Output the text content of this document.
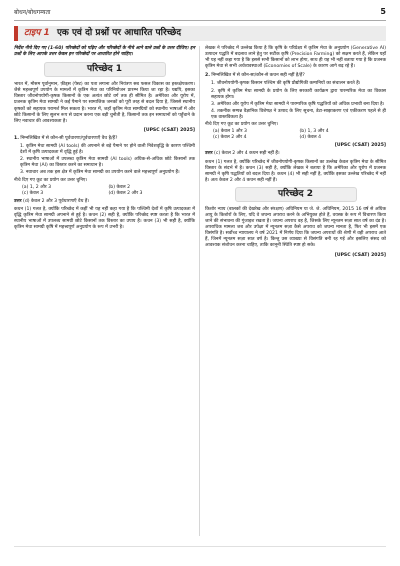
बोधन/बोधगम्यता	5
टाइप 1 एक एवं दो प्रश्नों पर आधारित परिच्छेद

निर्देश नीचे दिए गए (1-60) परिच्छेदों को पढ़िए और परिच्छेदों के नीचे आने वाले प्रश्नों के उत्तर दीजिए। इन प्रश्नों के लिए आपके उत्तर केवल इन परिच्छेदों पर आधारित होने चाहिए।

परिच्छेद 1

भारत में, मौसम पूर्वानुमान, फ़ीड्स (पेस्ट) का पता लगाना और नियंत्रण सब फसल विकास का हस्तक्षेपकरण। जैसे महत्त्वपूर्ण उपयोग के मामलों में कृत्रिम मेधा का परिनियोजन प्रारम्भ किया जा रहा है। यद्यपि, इसका विस्तार जीवनोपयोगी-कृषक किसानों के एक अत्यंत छोटे वर्ग तक ही सीमित है। अमेरिका और यूरोप में, प्रजनक कृत्रिम मेधा सामग्री ने कई पैमाने पर सामाजिक जनकों को पूरी तरह से बदल दिया है, जिससे स्थानीय कृषकों को सहायक परामर्श मिल सकता है। भारत में, जहाँ कृत्रिम मेधा सामग्रियों को स्थानीय भाषाओं में और छोटे किसानों के लिए सुलभ रूप से प्रदान करना एक बड़ी चुनौती है, किसानों तक इन समाधानों को पहुँचाने के लिए नवाचार की आवश्यकता है।

[UPSC (CSAT) 2025]
1. निम्नलिखित में से कौन-सी पूर्वधारणा/पूर्वधारणाएँ वैध है/हैं?
1. कृत्रिम मेधा सामग्री (AI tools) की अपनाने से बड़े पैमाने पर होने वाली निवेशवृद्धि के कारण पश्चिमी देशों में कृषि उत्पादकता में वृद्धि हुई है।
2. स्थानीय भाषाओं में उपलब्ध कृत्रिम मेधा सामग्री (AI tools) अधिक-से-अधिक छोटे किसानों तक कृत्रिम मेधा (AI) का विस्तार करने का समाधान है।
3. नवाचार अब तक इस क्षेत्र में कृत्रिम मेधा सामग्री का उपयोग करने वाले महत्त्वपूर्ण अनुप्रयोग हैं।
नीचे दिए गए कूट का प्रयोग कर उत्तर चुनिए।
(a) 1, 2 और 3	(b) केवल 2
(c) केवल 3	(d) केवल 2 और 3
उत्तर (d) केवल 2 और 3 पूर्वधारणाएँ वैध हैं।

कथन (1) गलत है, क्योंकि परिच्छेद में कहीं भी यह नहीं कहा गया है कि पश्चिमी देशों में कृषि उत्पादकता में वृद्धि कृत्रिम मेधा सामग्री अपनाने से हुई है। कथन (2) सही है, क्योंकि परिच्छेद स्पष्ट करता है कि भारत में स्थानीय भाषाओं में उपलब्ध सामग्री छोटे किसानों तक विस्तार का उपाय है। कथन (3) भी सही है, क्योंकि कृत्रिम मेधा सामग्री कृषि में महत्त्वपूर्ण अनुप्रयोग के रूप में उभरी है।

लेखक ने परिच्छेद में उल्लेख किया है कि कृषि के परिप्रेक्ष्य में कृत्रिम मेधा के अनुप्रयोग (Generative AI) उत्पादन पद्धति में बदलाव लाने हेतु पर सटीक कृषि (Precision Farming) को सक्षम करते हैं, लेकिन यहाँ भी यह नहीं कहा गया है कि इससे सभी किसानों को लाभ होगा, साथ ही यह भी नहीं बताया गया है कि प्रजनक कृत्रिम मेधा से सभी अर्थव्यवस्थाओं (Economies of Scale) के कारण आगे बढ़ रहे हैं।

2. निम्नलिखित में से कौन-सा/कौन-से कथन सही नहीं है/हैं?
1. जीवनोपयोगी-कृषक किसान पश्चिम की कृषि प्रौद्योगिकी कम्पनियों का संचालन करते हैं।
2. कृषि में कृत्रिम मेधा सामग्री के प्रयोग के लिए सरकारी कार्यक्रम द्वारा पारम्परिक मेधा का विकास सहायक होगा।
3. अमेरिका और यूरोप में कृत्रिम मेधा सामग्री ने पारम्परिक कृषि पद्धतियों को अधिक प्रभावी बना दिया है।
4. तकनीक सम्पन्न वैज्ञानिक विशेषज्ञ ने उत्पाद के लिए सूचना, डेटा-साझाकरण एवं एकीकरण पहले से ही एक वास्तविकता है।
नीचे दिए गए कूट का प्रयोग कर उत्तर चुनिए।
(a) केवल 1 और 3	(b) 1, 3 और 4
(c) केवल 2 और 4	(d) केवल 4
[UPSC (CSAT) 2025]
उत्तर (c) केवल 2 और 4 कथन सही नहीं हैं।

कथन (1) गलत है, क्योंकि परिच्छेद में जीवनोपयोगी-कृषक किसानों का उल्लेख केवल कृत्रिम मेधा के सीमित विस्तार के संदर्भ में है। कथन (3) सही है, क्योंकि लेखक ने बताया है कि अमेरिका और यूरोप में प्रजनक सामग्री ने कृषि पद्धतियों को बदल दिया है। कथन (4) भी सही नहीं है, क्योंकि इसका उल्लेख परिच्छेद में नहीं है। अतः केवल 2 और 4 कथन सही नहीं हैं।

परिच्छेद 2

किशोर न्याय (बालकों की देखरेख और संरक्षण) अधिनियम या जे. जे. अधिनियम, 2015 16 वर्ष से अधिक आयु के किशोरों के लिए, यदि वे जघन्य अपराध करने के अभियुक्त होते हैं, वयस्क के रूप में विचारण किया जाने की संभावना की गुंजाइश रखता है। जघन्य अपराध वह है, जिसके लिए न्यूनतम सज़ा सात वर्ष का दंड है। अपराधिक मामला जब और उपेक्षा में न्यूनतम सज़ा कैसे अपराध को जघन्य मानता है, फिर भी इसमें एक विसंगति है। सर्वोच्च न्यायालय ने वर्ष 2021 में निर्णय दिया कि जघन्य अपराधों की श्रेणी में वही अपराध आते हैं, जिनमें न्यूनतम सज़ा सात वर्ष है। किन्तु उस व्याख्या से विसंगति बनी रह गई और इसलिए संसद को आवश्यक संशोधन करना चाहिए, ताकि कानूनी स्थिति स्पष्ट हो सके।

[UPSC (CSAT) 2025]
